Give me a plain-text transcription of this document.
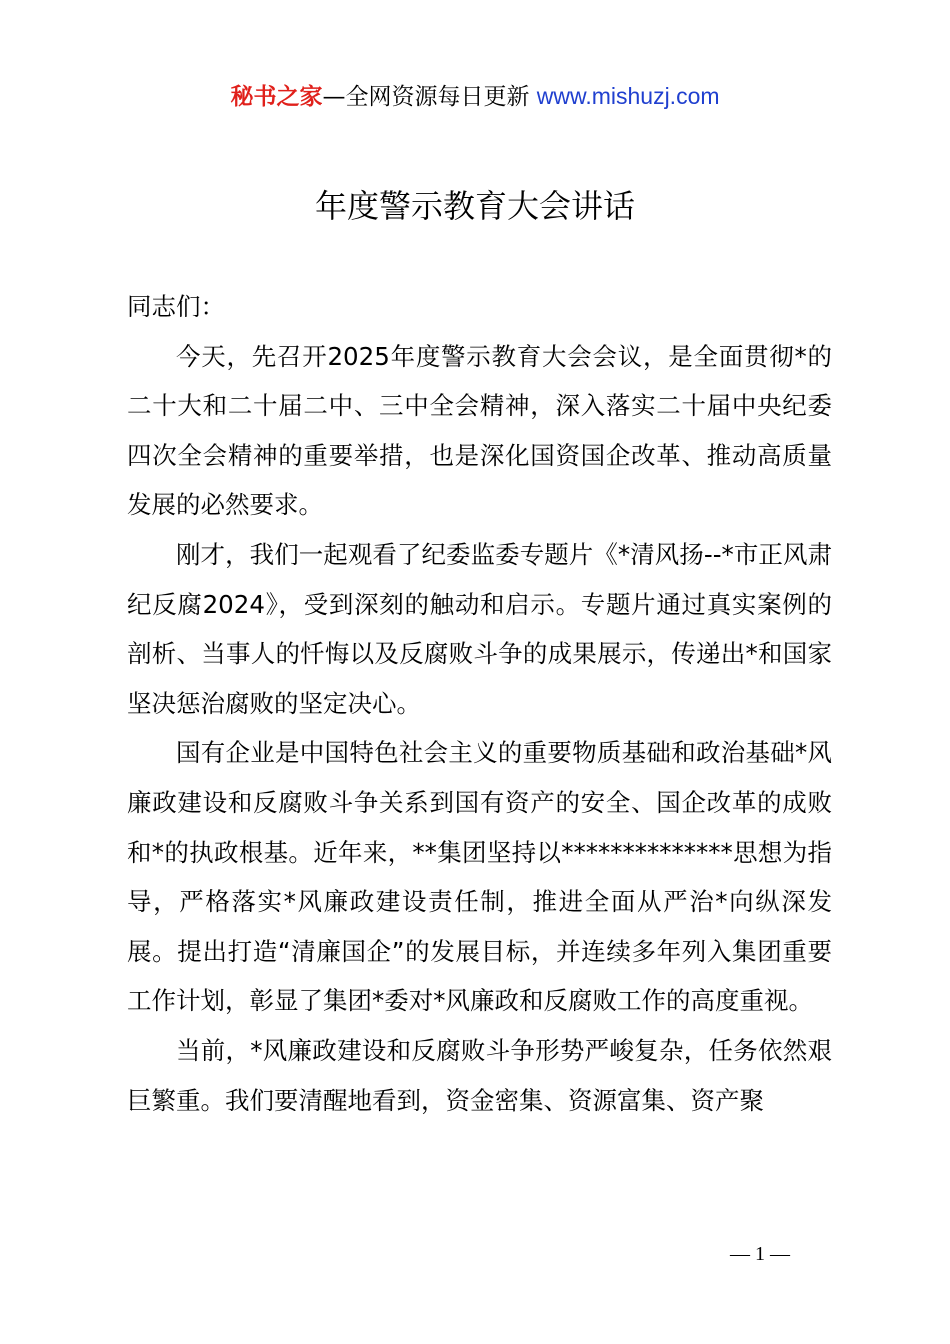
秘书之家—全网资源每日更新 www.mishuzj.com
年度警示教育大会讲话

同志们：

今天，先召开2025年度警示教育大会会议，是全面贯彻*的二十大和二十届二中、三中全会精神，深入落实二十届中央纪委四次全会精神的重要举措，也是深化国资国企改革、推动高质量发展的必然要求。

刚才，我们一起观看了纪委监委专题片《*清风扬--*市正风肃纪反腐2024》，受到深刻的触动和启示。专题片通过真实案例的剖析、当事人的忏悔以及反腐败斗争的成果展示，传递出*和国家坚决惩治腐败的坚定决心。

国有企业是中国特色社会主义的重要物质基础和政治基础*风廉政建设和反腐败斗争关系到国有资产的安全、国企改革的成败和*的执政根基。近年来，**集团坚持以**************思想为指导，严格落实*风廉政建设责任制，推进全面从严治*向纵深发展。提出打造“清廉国企”的发展目标，并连续多年列入集团重要工作计划，彰显了集团*委对*风廉政和反腐败工作的高度重视。

当前，*风廉政建设和反腐败斗争形势严峻复杂，任务依然艰巨繁重。我们要清醒地看到，资金密集、资源富集、资产聚

— 1 —
